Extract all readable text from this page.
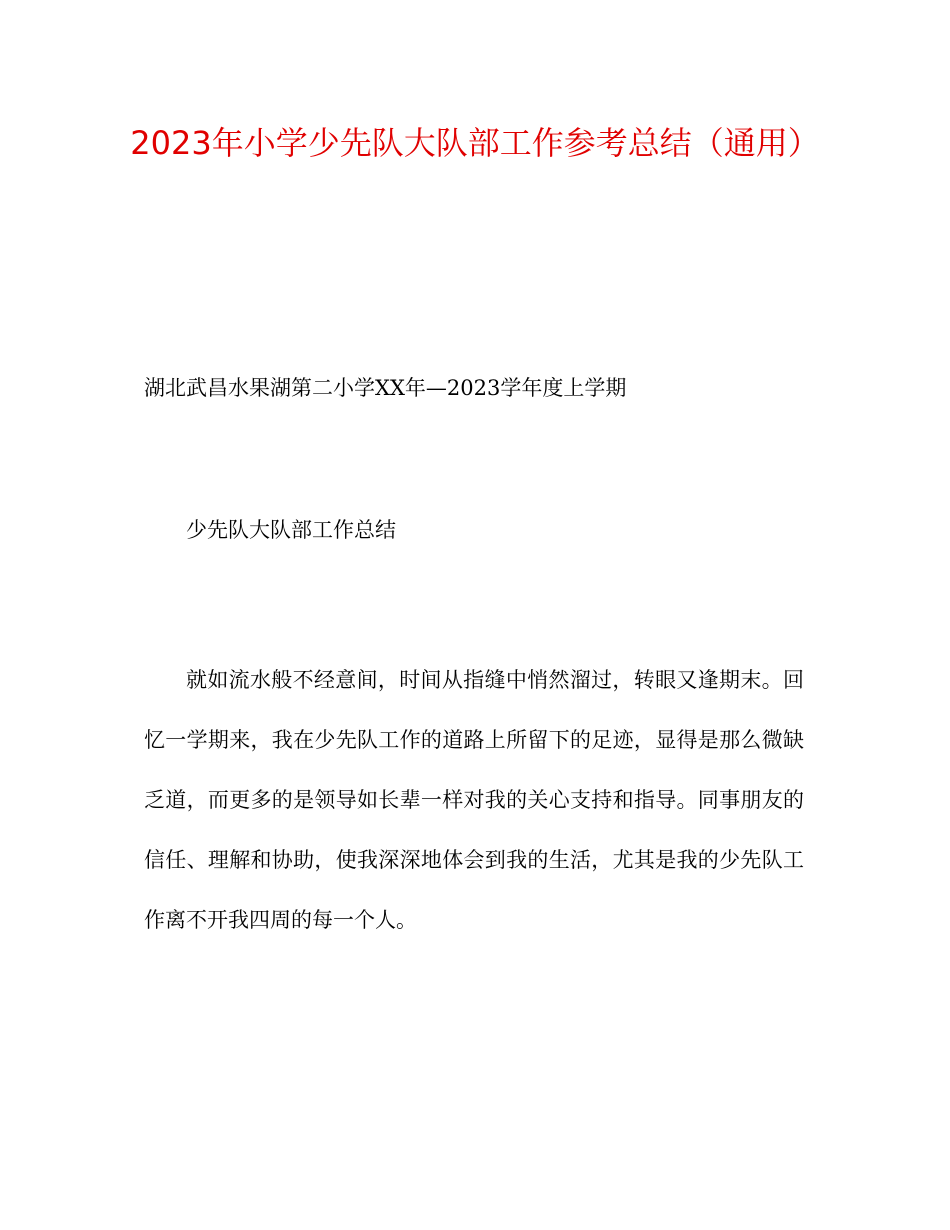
2023年小学少先队大队部工作参考总结（通用）

湖北武昌水果湖第二小学XX年—2023学年度上学期

少先队大队部工作总结

就如流水般不经意间，时间从指缝中悄然溜过，转眼又逢期末。回忆一学期来，我在少先队工作的道路上所留下的足迹，显得是那么微缺乏道，而更多的是领导如长辈一样对我的关心支持和指导。同事朋友的信任、理解和协助，使我深深地体会到我的生活，尤其是我的少先队工作离不开我四周的每一个人。
